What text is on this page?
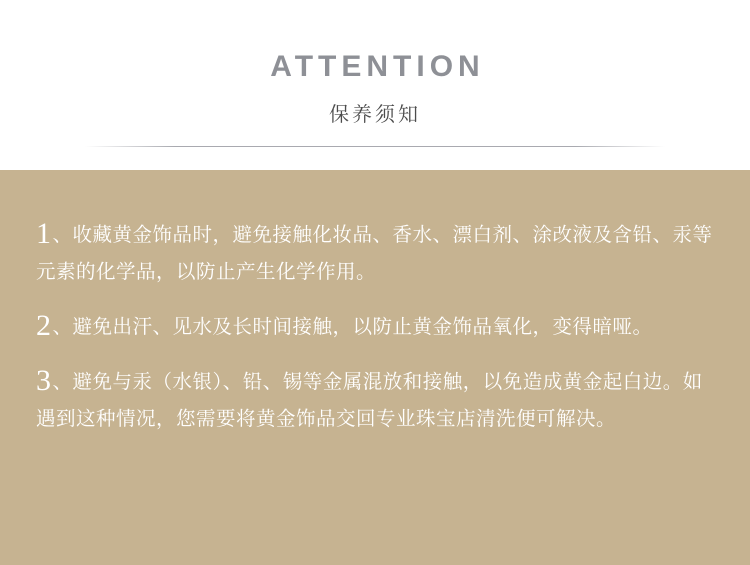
ATTENTION
保养须知

1、收藏黄金饰品时，避免接触化妆品、香水、漂白剂、涂改液及含铅、汞等元素的化学品，以防止产生化学作用。

2、避免出汗、见水及长时间接触，以防止黄金饰品氧化，变得暗哑。

3、避免与汞（水银）、铅、锡等金属混放和接触，以免造成黄金起白边。如遇到这种情况，您需要将黄金饰品交回专业珠宝店清洗便可解决。
